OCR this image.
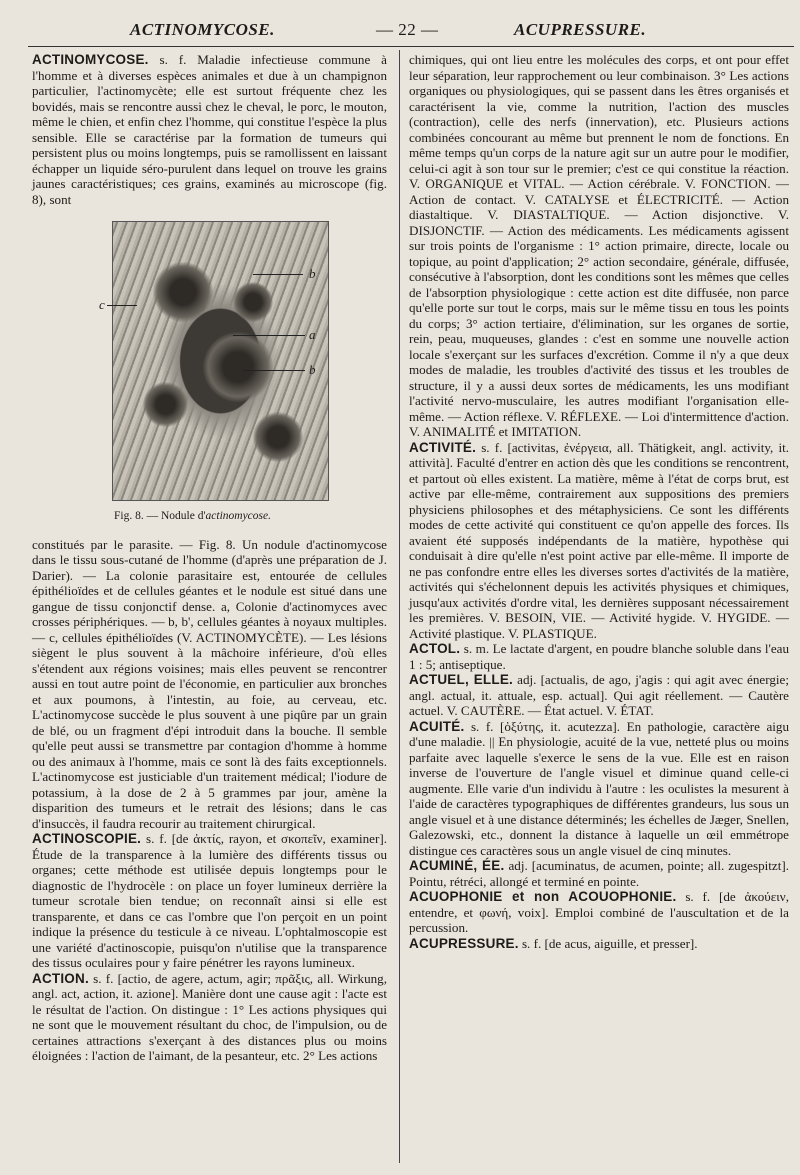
ACTINOMYCOSE.	— 22 —	ACUPRESSURE.

ACTINOMYCOSE. s. f. Maladie infectieuse commune à l'homme et à diverses espèces animales et due à un champignon particulier, l'actinomycète; elle est surtout fréquente chez les bovidés, mais se rencontre aussi chez le cheval, le porc, le mouton, même le chien, et enfin chez l'homme, qui constitue l'espèce la plus sensible. Elle se caractérise par la formation de tumeurs qui persistent plus ou moins longtemps, puis se ramollissent en laissant échapper un liquide séro-purulent dans lequel on trouve les grains jaunes caractéristiques; ces grains, examinés au microscope (fig. 8), sont

c
b
a
b
Fig. 8. — Nodule d'actinomycose.

constitués par le parasite. — Fig. 8. Un nodule d'actinomycose dans le tissu sous-cutané de l'homme (d'après une préparation de J. Darier). — La colonie parasitaire est, entourée de cellules épithélioïdes et de cellules géantes et le nodule est situé dans une gangue de tissu conjonctif dense. a, Colonie d'actinomyces avec crosses périphériques. — b, b', cellules géantes à noyaux multiples. — c, cellules épithélioïdes (V. ACTINOMYCÈTE). — Les lésions siègent le plus souvent à la mâchoire inférieure, d'où elles s'étendent aux régions voisines; mais elles peuvent se rencontrer aussi en tout autre point de l'économie, en particulier aux bronches et aux poumons, à l'intestin, au foie, au cerveau, etc. L'actinomycose succède le plus souvent à une piqûre par un grain de blé, ou un fragment d'épi introduit dans la bouche. Il semble qu'elle peut aussi se transmettre par contagion d'homme à homme ou des animaux à l'homme, mais ce sont là des faits exceptionnels. L'actinomycose est justiciable d'un traitement médical; l'iodure de potassium, à la dose de 2 à 5 grammes par jour, amène la disparition des tumeurs et le retrait des lésions; dans le cas d'insuccès, il faudra recourir au traitement chirurgical.

ACTINOSCOPIE. s. f. [de ἀκτίς, rayon, et σκοπεῖν, examiner]. Étude de la transparence à la lumière des différents tissus ou organes; cette méthode est utilisée depuis longtemps pour le diagnostic de l'hydrocèle : on place un foyer lumineux derrière la tumeur scrotale bien tendue; on reconnaît ainsi si elle est transparente, et dans ce cas l'ombre que l'on perçoit en un point indique la présence du testicule à ce niveau. L'ophtalmoscopie est une variété d'actinoscopie, puisqu'on n'utilise que la transparence des tissus oculaires pour y faire pénétrer les rayons lumineux.

ACTION. s. f. [actio, de agere, actum, agir; πρᾶξις, all. Wirkung, angl. act, action, it. azione]. Manière dont une cause agit : l'acte est le résultat de l'action. On distingue : 1° Les actions physiques qui ne sont que le mouvement résultant du choc, de l'impulsion, ou de certaines attractions s'exerçant à des distances plus ou moins éloignées : l'action de l'aimant, de la pesanteur, etc. 2° Les actions

chimiques, qui ont lieu entre les molécules des corps, et ont pour effet leur séparation, leur rapprochement ou leur combinaison. 3° Les actions organiques ou physiologiques, qui se passent dans les êtres organisés et caractérisent la vie, comme la nutrition, l'action des muscles (contraction), celle des nerfs (innervation), etc. Plusieurs actions combinées concourant au même but prennent le nom de fonctions. En même temps qu'un corps de la nature agit sur un autre pour le modifier, celui-ci agit à son tour sur le premier; c'est ce qui constitue la réaction. V. ORGANIQUE et VITAL. — Action cérébrale. V. FONCTION. — Action de contact. V. CATALYSE et ÉLECTRICITÉ. — Action diastaltique. V. DIASTALTIQUE. — Action disjonctive. V. DISJONCTIF. — Action des médicaments. Les médicaments agissent sur trois points de l'organisme : 1° action primaire, directe, locale ou topique, au point d'application; 2° action secondaire, générale, diffusée, consécutive à l'absorption, dont les conditions sont les mêmes que celles de l'absorption physiologique : cette action est dite diffusée, non parce qu'elle porte sur tout le corps, mais sur le même tissu en tous les points du corps; 3° action tertiaire, d'élimination, sur les organes de sortie, rein, peau, muqueuses, glandes : c'est en somme une nouvelle action locale s'exerçant sur les surfaces d'excrétion. Comme il n'y a que deux modes de maladie, les troubles d'activité des tissus et les troubles de structure, il y a aussi deux sortes de médicaments, les uns modifiant l'activité nervo-musculaire, les autres modifiant l'organisation elle-même. — Action réflexe. V. RÉFLEXE. — Loi d'intermittence d'action. V. ANIMALITÉ et IMITATION.

ACTIVITÉ. s. f. [activitas, ἐνέργεια, all. Thätigkeit, angl. activity, it. attività]. Faculté d'entrer en action dès que les conditions se rencontrent, et partout où elles existent. La matière, même à l'état de corps brut, est active par elle-même, contrairement aux suppositions des premiers physiciens philosophes et des métaphysiciens. Ce sont les différents modes de cette activité qui constituent ce qu'on appelle des forces. Ils avaient été supposés indépendants de la matière, hypothèse qui conduisait à dire qu'elle n'est point active par elle-même. Il importe de ne pas confondre entre elles les diverses sortes d'activités de la matière, activités qui s'échelonnent depuis les activités physiques et chimiques, jusqu'aux activités d'ordre vital, les dernières supposant nécessairement les premières. V. BESOIN, VIE. — Activité hygide. V. HYGIDE. — Activité plastique. V. PLASTIQUE.

ACTOL. s. m. Le lactate d'argent, en poudre blanche soluble dans l'eau 1 : 5; antiseptique.

ACTUEL, ELLE. adj. [actualis, de ago, j'agis : qui agit avec énergie; angl. actual, it. attuale, esp. actual]. Qui agit réellement. — Cautère actuel. V. CAUTÈRE. — État actuel. V. ÉTAT.

ACUITÉ. s. f. [ὀξύτης, it. acutezza]. En pathologie, caractère aigu d'une maladie. || En physiologie, acuité de la vue, netteté plus ou moins parfaite avec laquelle s'exerce le sens de la vue. Elle est en raison inverse de l'ouverture de l'angle visuel et diminue quand celle-ci augmente. Elle varie d'un individu à l'autre : les oculistes la mesurent à l'aide de caractères typographiques de différentes grandeurs, lus sous un angle visuel et à une distance déterminés; les échelles de Jæger, Snellen, Galezowski, etc., donnent la distance à laquelle un œil emmétrope distingue ces caractères sous un angle visuel de cinq minutes.

ACUMINÉ, ÉE. adj. [acuminatus, de acumen, pointe; all. zugespitzt]. Pointu, rétréci, allongé et terminé en pointe.

ACUOPHONIE et non ACOUOPHONIE. s. f. [de ἀκούειν, entendre, et φωνή, voix]. Emploi combiné de l'auscultation et de la percussion.

ACUPRESSURE. s. f. [de acus, aiguille, et presser].
